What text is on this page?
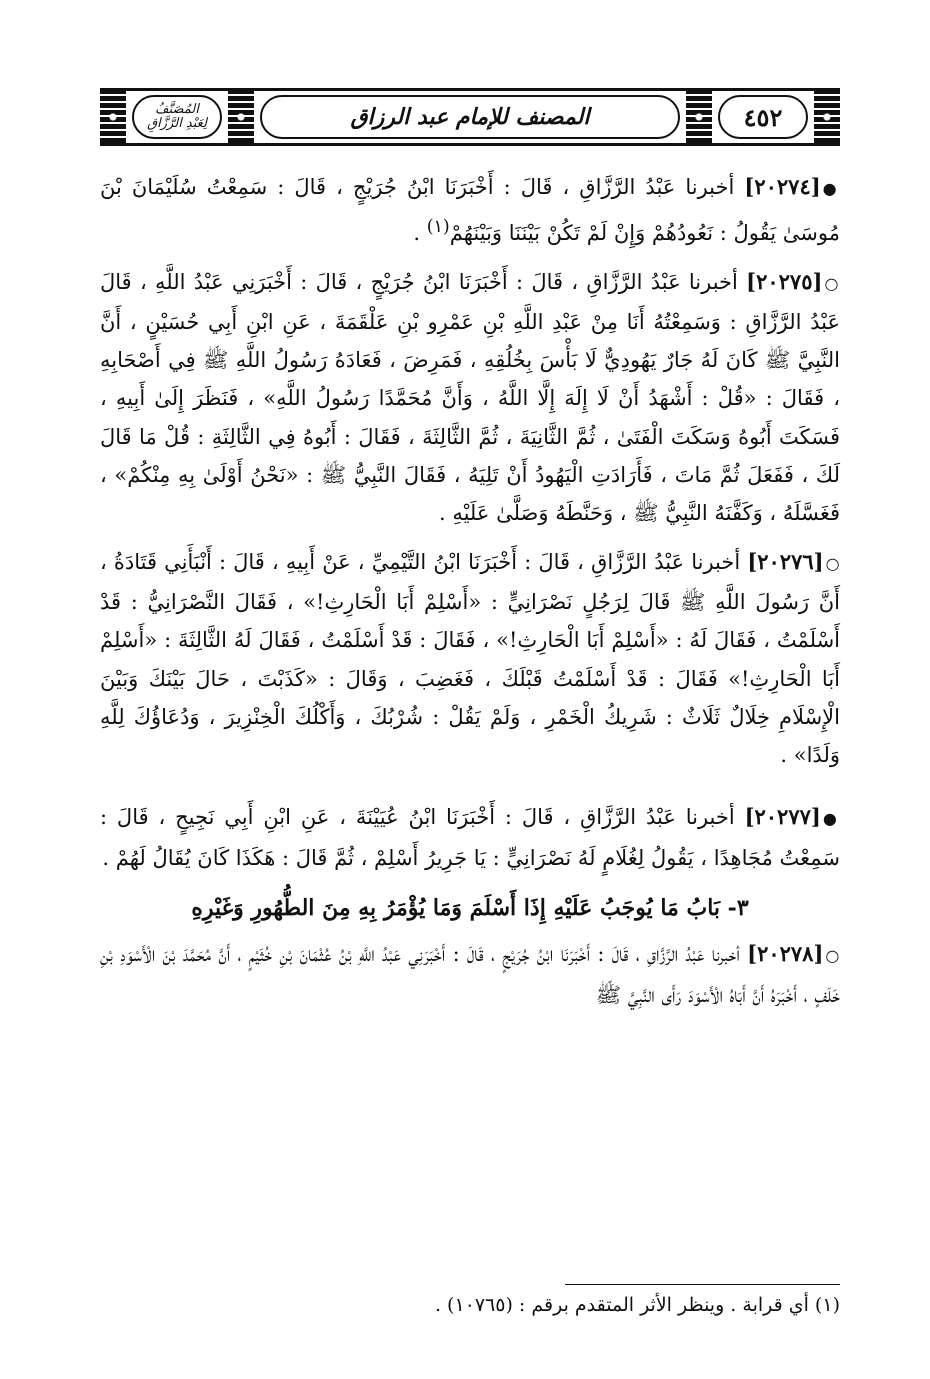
المُصَنَّفُ
لِعَبْدِ الرَّزَّاقِ	المصنف للإمام عبد الرزاق	٤٥٢

●[٢٠٢٧٤] أخبرنا عَبْدُ الرَّزَّاقِ ، قَالَ : أَخْبَرَنَا ابْنُ جُرَيْجٍ ، قَالَ : سَمِعْتُ سُلَيْمَانَ بْنَ مُوسَىٰ يَقُولُ : نَعُودُهُمْ وَإِنْ لَمْ تَكُنْ بَيْنَنَا وَبَيْنَهُمْ$^{(١)}$ .

○[٢٠٢٧٥] أخبرنا عَبْدُ الرَّزَّاقِ ، قَالَ : أَخْبَرَنَا ابْنُ جُرَيْجٍ ، قَالَ : أَخْبَرَنِي عَبْدُ اللَّهِ ، قَالَ عَبْدُ الرَّزَّاقِ : وَسَمِعْتُهُ أَنَا مِنْ عَبْدِ اللَّهِ بْنِ عَمْرِو بْنِ عَلْقَمَةَ ، عَنِ ابْنِ أَبِي حُسَيْنٍ ، أَنَّ النَّبِيَّ ﷺ كَانَ لَهُ جَارٌ يَهُودِيٌّ لَا بَأْسَ بِخُلُقِهِ ، فَمَرِضَ ، فَعَادَهُ رَسُولُ اللَّهِ ﷺ فِي أَصْحَابِهِ ، فَقَالَ : «قُلْ : أَشْهَدُ أَنْ لَا إِلَهَ إِلَّا اللَّهُ ، وَأَنَّ مُحَمَّدًا رَسُولُ اللَّهِ» ، فَنَظَرَ إِلَىٰ أَبِيهِ ، فَسَكَتَ أَبُوهُ وَسَكَتَ الْفَتَىٰ ، ثُمَّ الثَّانِيَةَ ، ثُمَّ الثَّالِثَةَ ، فَقَالَ : أَبُوهُ فِي الثَّالِثَةِ : قُلْ مَا قَالَ لَكَ ، فَفَعَلَ ثُمَّ مَاتَ ، فَأَرَادَتِ الْيَهُودُ أَنْ تَلِيَهُ ، فَقَالَ النَّبِيُّ ﷺ : «نَحْنُ أَوْلَىٰ بِهِ مِنْكُمْ» ، فَغَسَّلَهُ ، وَكَفَّنَهُ النَّبِيُّ ﷺ ، وَحَنَّطَهُ وَصَلَّىٰ عَلَيْهِ .

○[٢٠٢٧٦] أخبرنا عَبْدُ الرَّزَّاقِ ، قَالَ : أَخْبَرَنَا ابْنُ التَّيْمِيِّ ، عَنْ أَبِيهِ ، قَالَ : أَنْبَأَنِي قَتَادَةُ ، أَنَّ رَسُولَ اللَّهِ ﷺ قَالَ لِرَجُلٍ نَصْرَانِيٍّ : «أَسْلِمْ أَبَا الْحَارِثِ!» ، فَقَالَ النَّصْرَانِيُّ : قَدْ أَسْلَمْتُ ، فَقَالَ لَهُ : «أَسْلِمْ أَبَا الْحَارِثِ!» ، فَقَالَ : قَدْ أَسْلَمْتُ ، فَقَالَ لَهُ الثَّالِثَةَ : «أَسْلِمْ أَبَا الْحَارِثِ!» فَقَالَ : قَدْ أَسْلَمْتُ قَبْلَكَ ، فَغَضِبَ ، وَقَالَ : «كَذَبْتَ ، حَالَ بَيْنَكَ وَبَيْنَ الْإِسْلَامِ خِلَالٌ ثَلَاثٌ : شَرِيكُ الْخَمْرِ ، وَلَمْ يَقُلْ : شُرْبُكَ ، وَأَكْلُكَ الْخِنْزِيرَ ، وَدُعَاؤُكَ لِلَّهِ وَلَدًا» .

●[٢٠٢٧٧] أخبرنا عَبْدُ الرَّزَّاقِ ، قَالَ : أَخْبَرَنَا ابْنُ عُيَيْنَةَ ، عَنِ ابْنِ أَبِي نَجِيحٍ ، قَالَ : سَمِعْتُ مُجَاهِدًا ، يَقُولُ لِغُلَامٍ لَهُ نَصْرَانِيٍّ : يَا جَرِيرُ أَسْلِمْ ، ثُمَّ قَالَ : هَكَذَا كَانَ يُقَالُ لَهُمْ .

٣- بَابُ مَا يُوجَبُ عَلَيْهِ إِذَا أَسْلَمَ وَمَا يُؤْمَرُ بِهِ مِنَ الطُّهُورِ وَغَيْرِهِ

○[٢٠٢٧٨] أخبرنا عَبْدُ الرَّزَّاقِ ، قَالَ : أَخْبَرَنَا ابْنُ جُرَيْجٍ ، قَالَ : أَخْبَرَنِي عَبْدُ اللَّهِ بْنُ عُثْمَانَ بْنِ خُثَيْمٍ ، أَنَّ مُحَمَّدَ بْنَ الْأَسْوَدِ بْنِ خَلَفٍ ، أَخْبَرَهُ أَنَّ أَبَاهُ الْأَسْوَدَ رَأَى النَّبِيَّ ﷺ

(١) أي قرابة . وينظر الأثر المتقدم برقم : (١٠٧٦٥) .
